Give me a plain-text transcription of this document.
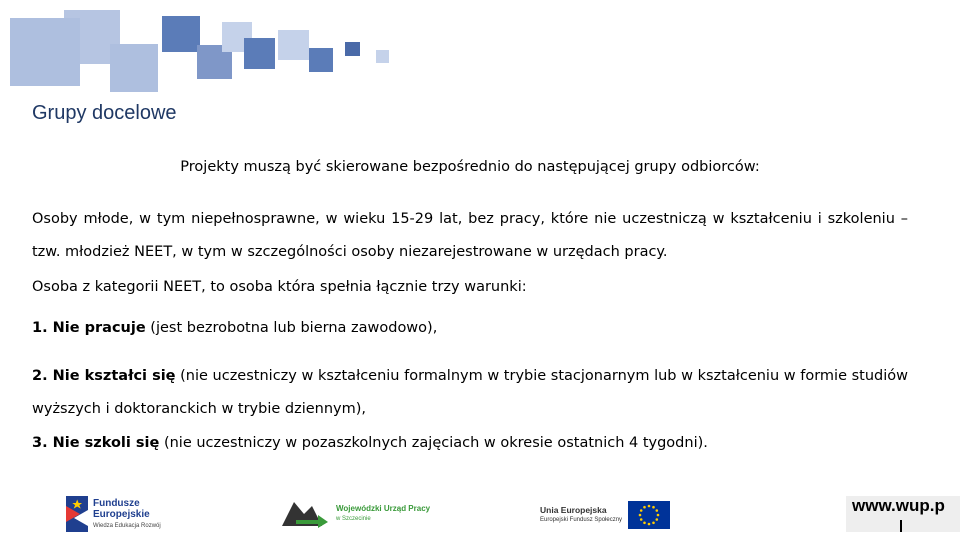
Grupy docelowe

Projekty muszą być skierowane bezpośrednio do następującej grupy odbiorców:

Osoby młode, w tym niepełnosprawne, w wieku 15-29 lat, bez pracy, które nie uczestniczą w kształceniu i szkoleniu – tzw. młodzież NEET, w tym w szczególności osoby niezarejestrowane w urzędach pracy.

Osoba z kategorii NEET, to osoba która spełnia łącznie trzy warunki:

1. Nie pracuje (jest bezrobotna lub bierna zawodowo),

2. Nie kształci się (nie uczestniczy w kształceniu formalnym w trybie stacjonarnym lub w kształceniu w formie studiów wyższych i doktoranckich w trybie dziennym),

3. Nie szkoli się (nie uczestniczy w pozaszkolnych zajęciach w okresie ostatnich 4 tygodni).

Fundusze
Europejskie
Wiedza Edukacja Rozwój
Wojewódzki Urząd Pracy
w Szczecinie
Unia Europejska
Europejski Fundusz Społeczny
www.wup.p
